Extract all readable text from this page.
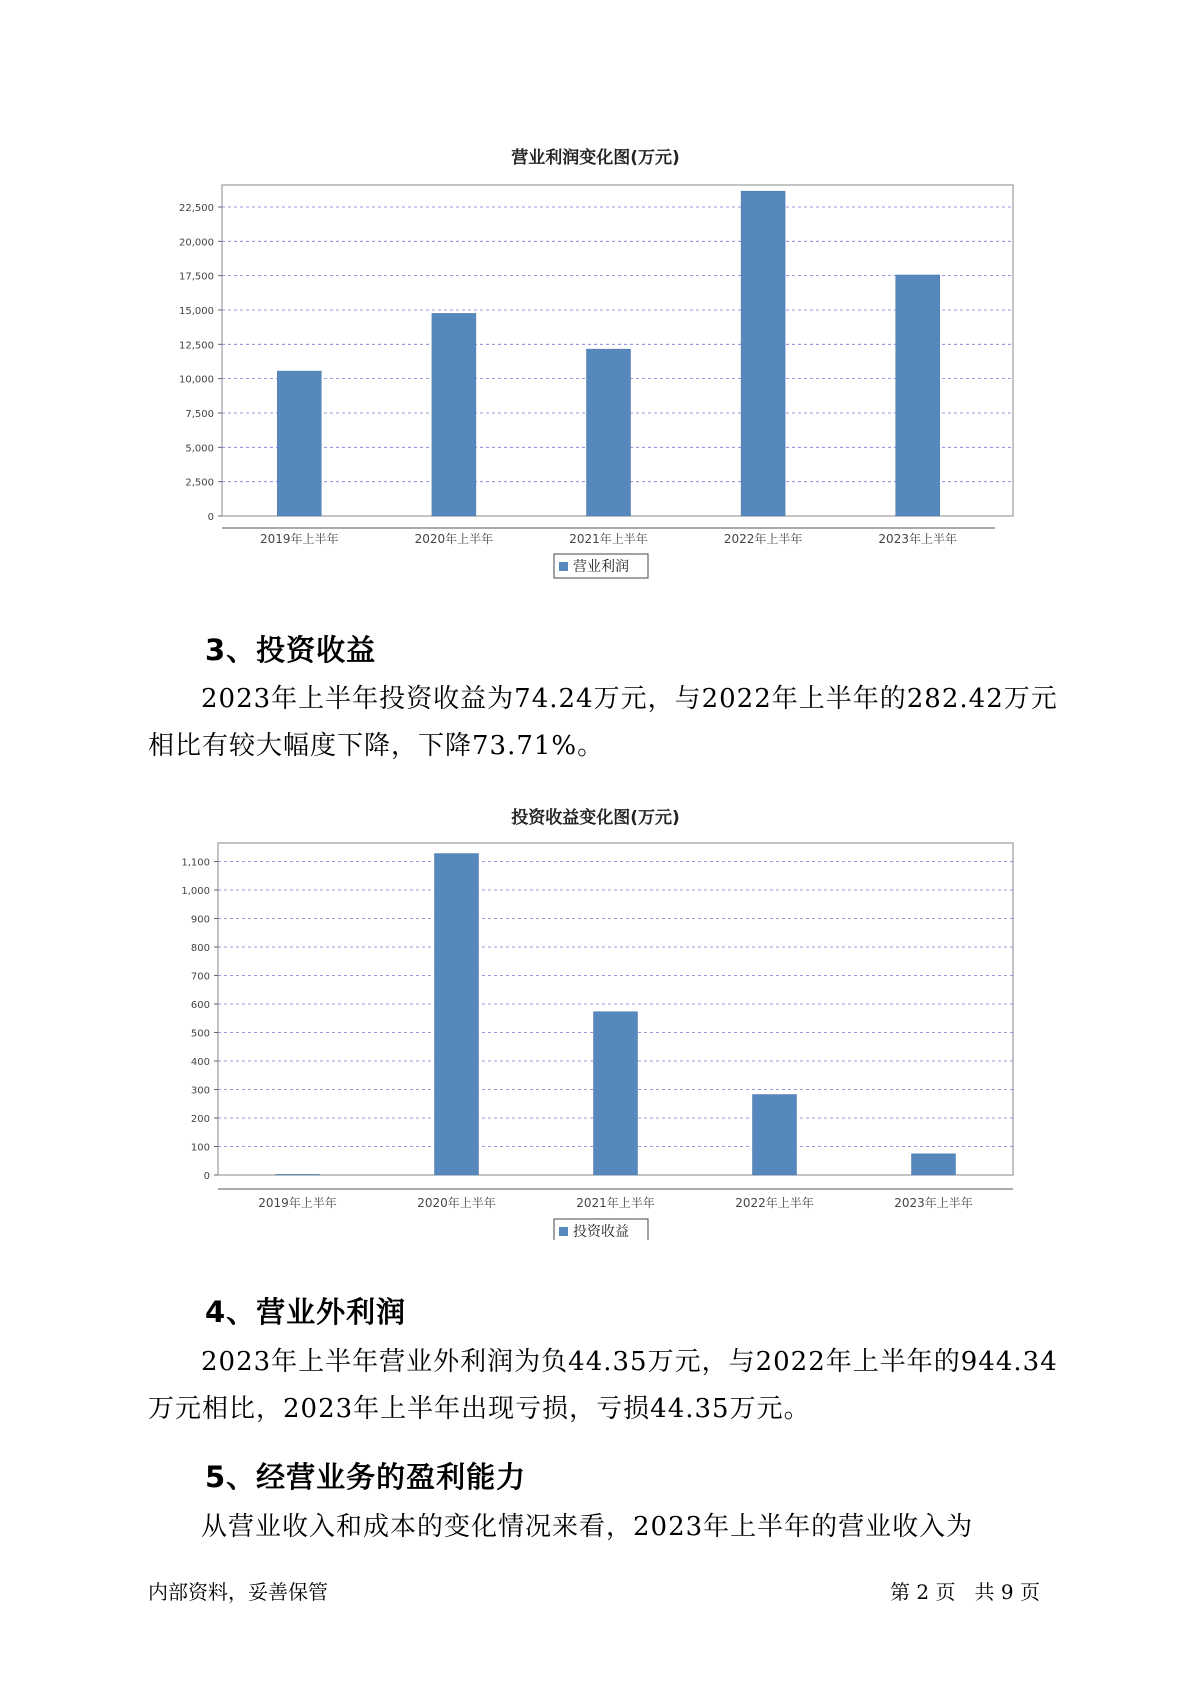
营业利润变化图(万元)
0
2,500
5,000
7,500
10,000
12,500
15,000
17,500
20,000
22,500
2019年上半年	2020年上半年	2021年上半年	2022年上半年	2023年上半年
营业利润
3、投资收益
2023年上半年投资收益为74.24万元，与2022年上半年的282.42万元相比有较大幅度下降，下降73.71%。
投资收益变化图(万元)
0
100
200
300
400
500
600
700
800
900
1,000
1,100
2019年上半年	2020年上半年	2021年上半年	2022年上半年	2023年上半年
投资收益
4、营业外利润
2023年上半年营业外利润为负44.35万元，与2022年上半年的944.34万元相比，2023年上半年出现亏损，亏损44.35万元。
5、经营业务的盈利能力
从营业收入和成本的变化情况来看，2023年上半年的营业收入为
内部资料，妥善保管	第 2 页   共 9 页
